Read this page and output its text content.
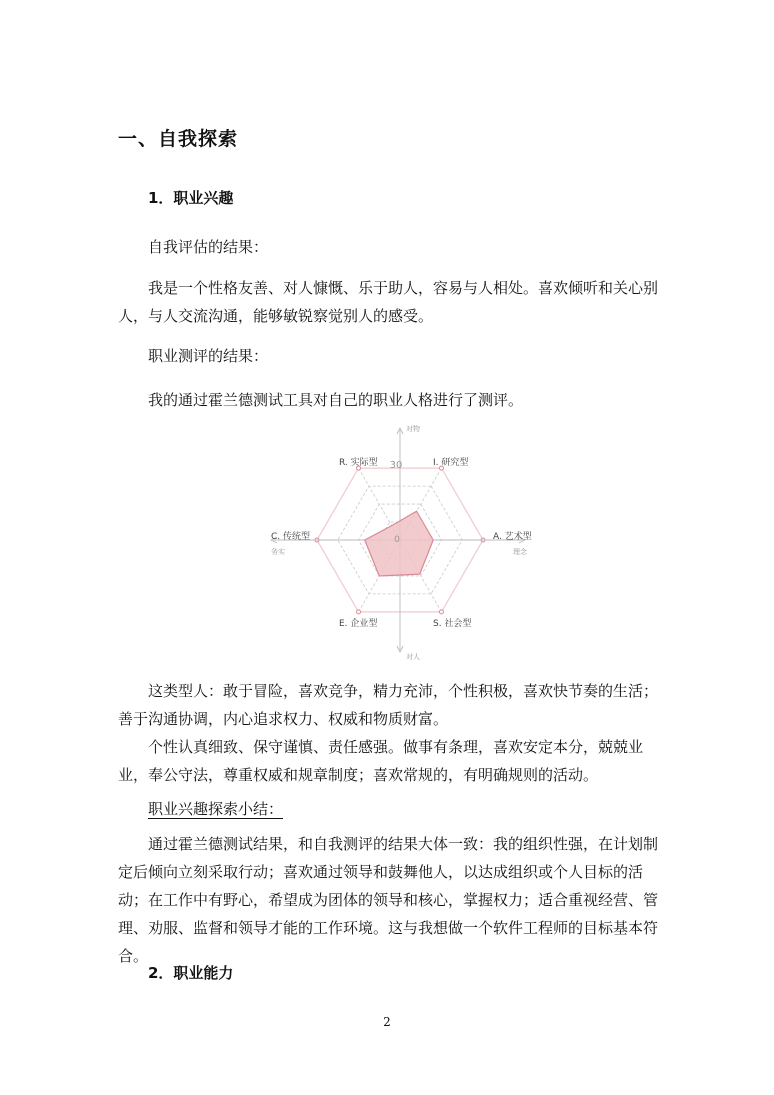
一、自我探索
1．职业兴趣
自我评估的结果：
我是一个性格友善、对人慷慨、乐于助人，容易与人相处。喜欢倾听和关心别人，与人交流沟通，能够敏锐察觉别人的感受。
职业测评的结果：
我的通过霍兰德测试工具对自己的职业人格进行了测评。
I. 研究型
A. 艺术型
S. 社会型
E. 企业型
C. 传统型
R. 实际型
对物
对人
务实	理念
30
0
这类型人：敢于冒险，喜欢竞争，精力充沛，个性积极，喜欢快节奏的生活；善于沟通协调，内心追求权力、权威和物质财富。
个性认真细致、保守谨慎、责任感强。做事有条理，喜欢安定本分，兢兢业业，奉公守法，尊重权威和规章制度；喜欢常规的，有明确规则的活动。
职业兴趣探索小结：
通过霍兰德测试结果，和自我测评的结果大体一致：我的组织性强，在计划制定后倾向立刻采取行动；喜欢通过领导和鼓舞他人，以达成组织或个人目标的活动；在工作中有野心，希望成为团体的领导和核心，掌握权力；适合重视经营、管理、劝服、监督和领导才能的工作环境。这与我想做一个软件工程师的目标基本符合。
2．职业能力
2
